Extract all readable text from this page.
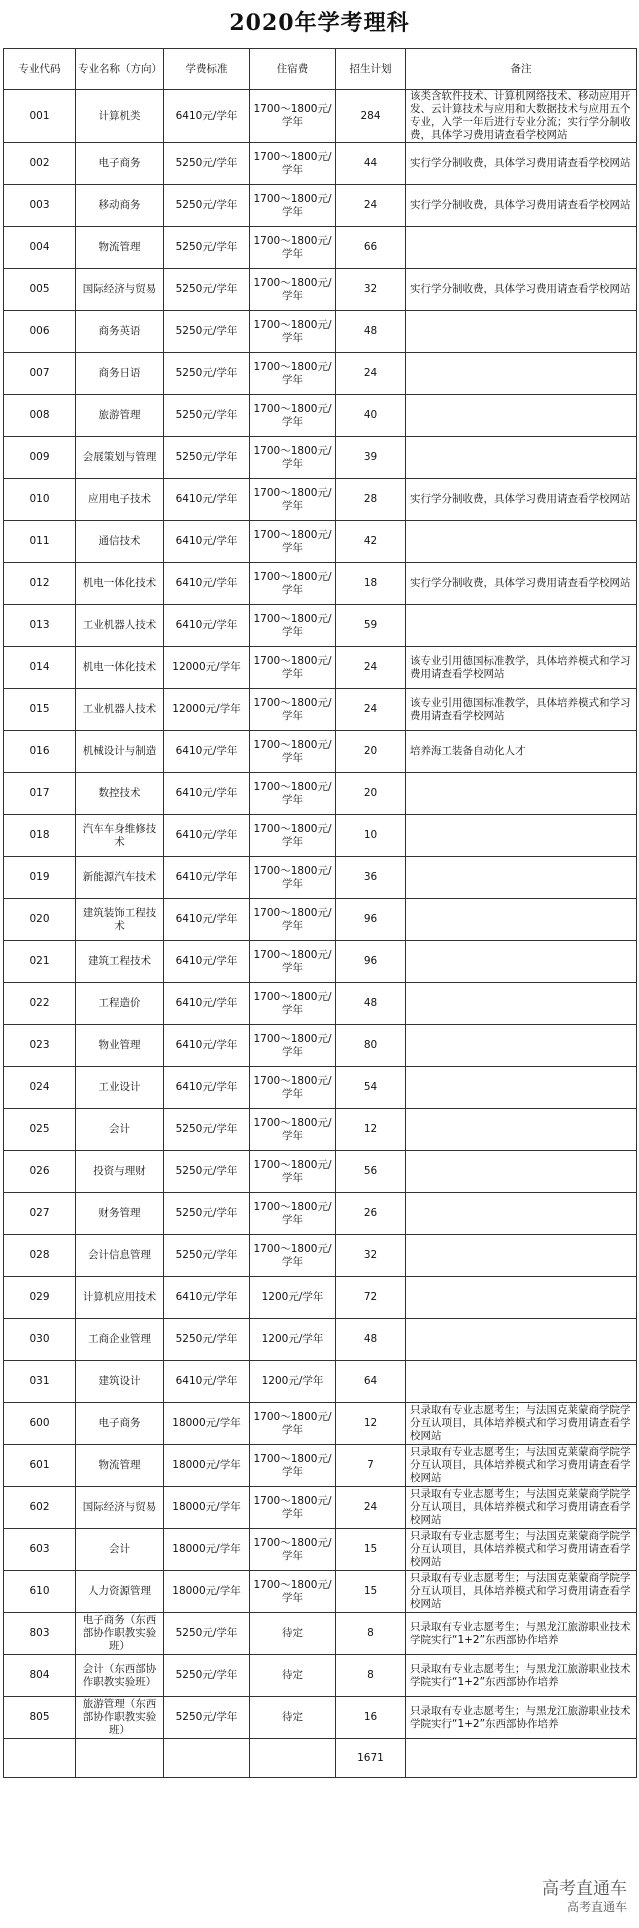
2020年学考理科
专业代码	专业名称（方向）	学费标准	住宿费	招生计划	备注
001	计算机类	6410元/学年	1700～1800元/学年	284	该类含软件技术、计算机网络技术、移动应用开发、云计算技术与应用和大数据技术与应用五个专业，入学一年后进行专业分流；实行学分制收费，具体学习费用请查看学校网站
002	电子商务	5250元/学年	1700～1800元/学年	44	实行学分制收费，具体学习费用请查看学校网站
003	移动商务	5250元/学年	1700～1800元/学年	24	实行学分制收费，具体学习费用请查看学校网站
004	物流管理	5250元/学年	1700～1800元/学年	66	
005	国际经济与贸易	5250元/学年	1700～1800元/学年	32	实行学分制收费，具体学习费用请查看学校网站
006	商务英语	5250元/学年	1700～1800元/学年	48	
007	商务日语	5250元/学年	1700～1800元/学年	24	
008	旅游管理	5250元/学年	1700～1800元/学年	40	
009	会展策划与管理	5250元/学年	1700～1800元/学年	39	
010	应用电子技术	6410元/学年	1700～1800元/学年	28	实行学分制收费，具体学习费用请查看学校网站
011	通信技术	6410元/学年	1700～1800元/学年	42	
012	机电一体化技术	6410元/学年	1700～1800元/学年	18	实行学分制收费，具体学习费用请查看学校网站
013	工业机器人技术	6410元/学年	1700～1800元/学年	59	
014	机电一体化技术	12000元/学年	1700～1800元/学年	24	该专业引用德国标准教学，具体培养模式和学习费用请查看学校网站
015	工业机器人技术	12000元/学年	1700～1800元/学年	24	该专业引用德国标准教学，具体培养模式和学习费用请查看学校网站
016	机械设计与制造	6410元/学年	1700～1800元/学年	20	培养海工装备自动化人才
017	数控技术	6410元/学年	1700～1800元/学年	20	
018	汽车车身维修技术	6410元/学年	1700～1800元/学年	10	
019	新能源汽车技术	6410元/学年	1700～1800元/学年	36	
020	建筑装饰工程技术	6410元/学年	1700～1800元/学年	96	
021	建筑工程技术	6410元/学年	1700～1800元/学年	96	
022	工程造价	6410元/学年	1700～1800元/学年	48	
023	物业管理	6410元/学年	1700～1800元/学年	80	
024	工业设计	6410元/学年	1700～1800元/学年	54	
025	会计	5250元/学年	1700～1800元/学年	12	
026	投资与理财	5250元/学年	1700～1800元/学年	56	
027	财务管理	5250元/学年	1700～1800元/学年	26	
028	会计信息管理	5250元/学年	1700～1800元/学年	32	
029	计算机应用技术	6410元/学年	1200元/学年	72	
030	工商企业管理	5250元/学年	1200元/学年	48	
031	建筑设计	6410元/学年	1200元/学年	64	
600	电子商务	18000元/学年	1700～1800元/学年	12	只录取有专业志愿考生；与法国克莱蒙商学院学分互认项目，具体培养模式和学习费用请查看学校网站
601	物流管理	18000元/学年	1700～1800元/学年	7	只录取有专业志愿考生；与法国克莱蒙商学院学分互认项目，具体培养模式和学习费用请查看学校网站
602	国际经济与贸易	18000元/学年	1700～1800元/学年	24	只录取有专业志愿考生；与法国克莱蒙商学院学分互认项目，具体培养模式和学习费用请查看学校网站
603	会计	18000元/学年	1700～1800元/学年	15	只录取有专业志愿考生；与法国克莱蒙商学院学分互认项目，具体培养模式和学习费用请查看学校网站
610	人力资源管理	18000元/学年	1700～1800元/学年	15	只录取有专业志愿考生；与法国克莱蒙商学院学分互认项目，具体培养模式和学习费用请查看学校网站
803	电子商务（东西部协作职教实验班）	5250元/学年	待定	8	只录取有专业志愿考生；与黑龙江旅游职业技术学院实行“1+2”东西部协作培养
804	会计（东西部协作职教实验班）	5250元/学年	待定	8	只录取有专业志愿考生；与黑龙江旅游职业技术学院实行“1+2”东西部协作培养
805	旅游管理（东西部协作职教实验班）	5250元/学年	待定	16	只录取有专业志愿考生；与黑龙江旅游职业技术学院实行“1+2”东西部协作培养
				1671	
高考直通车
高考直通车
